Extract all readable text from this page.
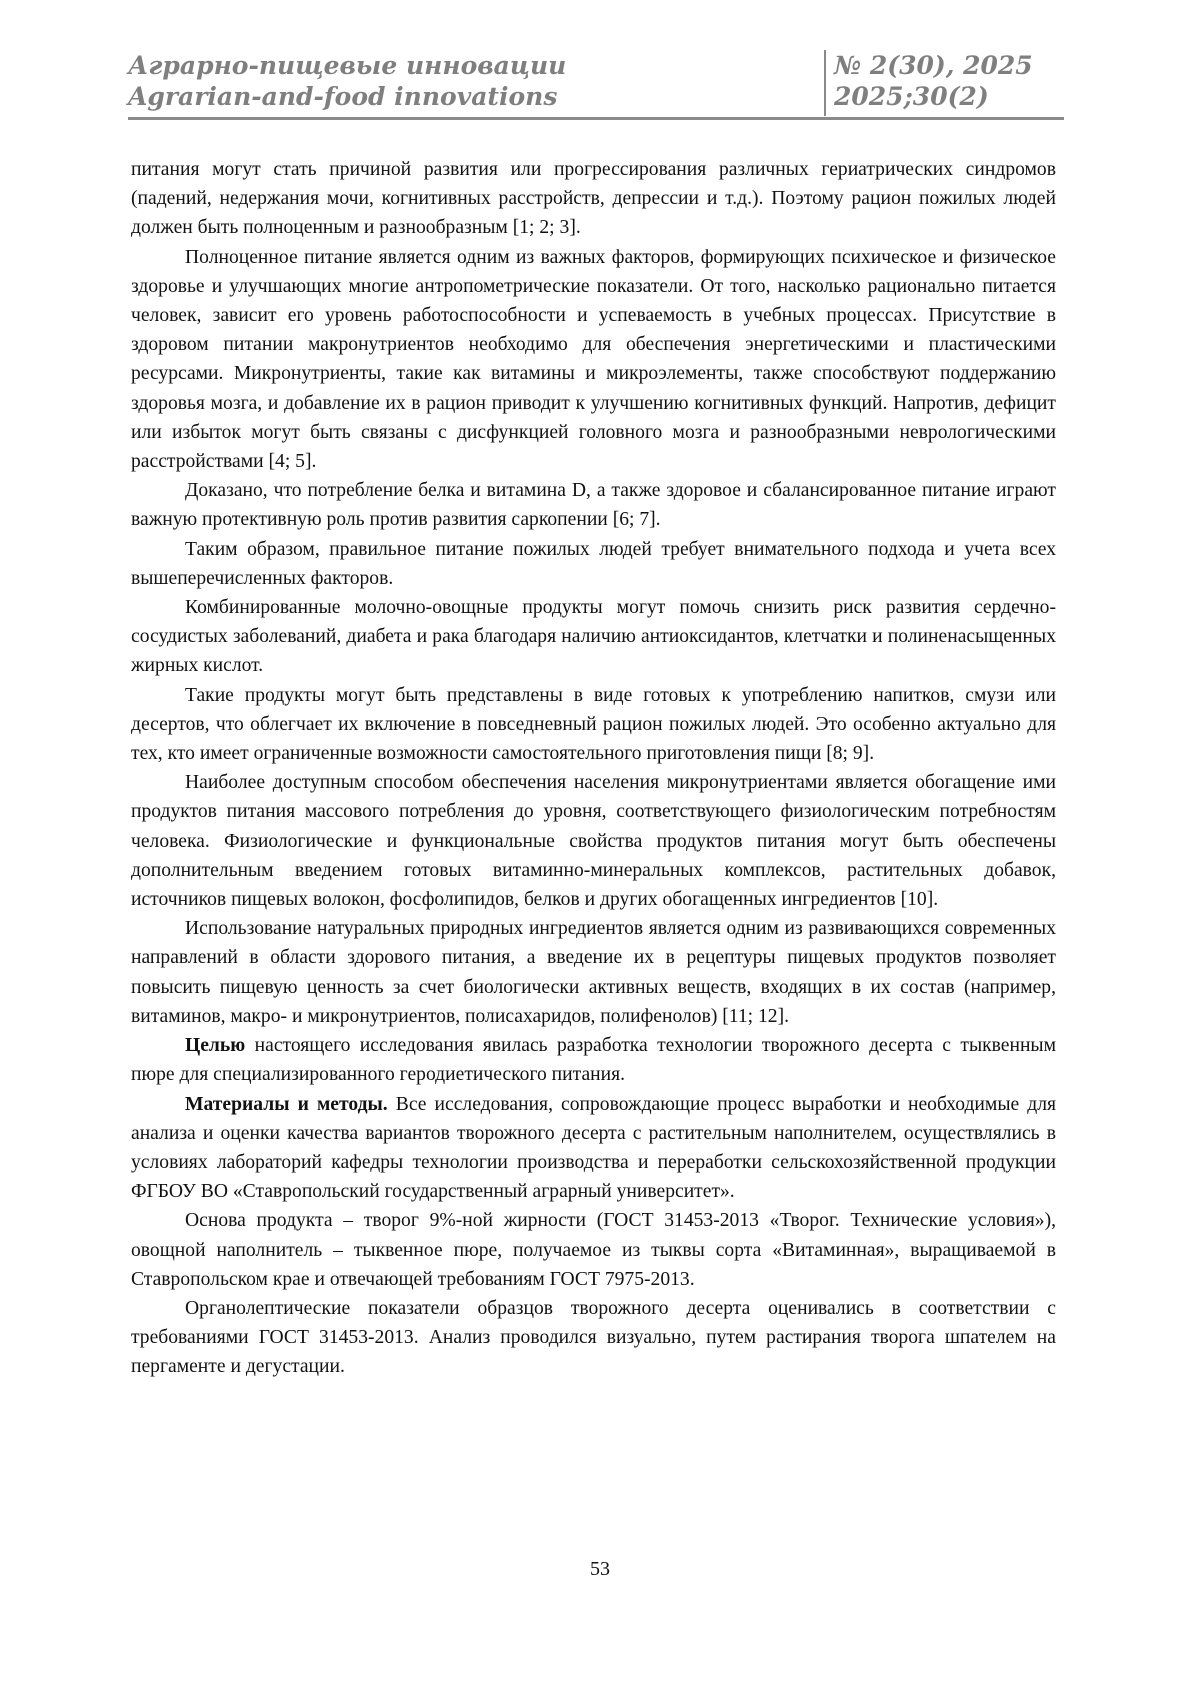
Аграрно-пищевые инновации
Agrarian-and-food innovations
№ 2(30), 2025
2025;30(2)

питания могут стать причиной развития или прогрессирования различных гериатрических синдромов (падений, недержания мочи, когнитивных расстройств, депрессии и т.д.). Поэтому рацион пожилых людей должен быть полноценным и разнообразным [1; 2; 3].

Полноценное питание является одним из важных факторов, формирующих психическое и физическое здоровье и улучшающих многие антропометрические показатели. От того, насколько рационально питается человек, зависит его уровень работоспособности и успеваемость в учебных процессах. Присутствие в здоровом питании макронутриентов необходимо для обеспечения энергетическими и пластическими ресурсами. Микронутриенты, такие как витамины и микроэлементы, также способствуют поддержанию здоровья мозга, и добавление их в рацион приводит к улучшению когнитивных функций. Напротив, дефицит или избыток могут быть связаны с дисфункцией головного мозга и разнообразными неврологическими расстройствами [4; 5].

Доказано, что потребление белка и витамина D, а также здоровое и сбалансированное питание играют важную протективную роль против развития саркопении [6; 7].

Таким образом, правильное питание пожилых людей требует внимательного подхода и учета всех вышеперечисленных факторов.

Комбинированные молочно-овощные продукты могут помочь снизить риск развития сердечно-сосудистых заболеваний, диабета и рака благодаря наличию антиоксидантов, клетчатки и полиненасыщенных жирных кислот.

Такие продукты могут быть представлены в виде готовых к употреблению напитков, смузи или десертов, что облегчает их включение в повседневный рацион пожилых людей. Это особенно актуально для тех, кто имеет ограниченные возможности самостоятельного приготовления пищи [8; 9].

Наиболее доступным способом обеспечения населения микронутриентами является обогащение ими продуктов питания массового потребления до уровня, соответствующего физиологическим потребностям человека. Физиологические и функциональные свойства продуктов питания могут быть обеспечены дополнительным введением готовых витаминно-минеральных комплексов, растительных добавок, источников пищевых волокон, фосфолипидов, белков и других обогащенных ингредиентов [10].

Использование натуральных природных ингредиентов является одним из развивающихся современных направлений в области здорового питания, а введение их в рецептуры пищевых продуктов позволяет повысить пищевую ценность за счет биологически активных веществ, входящих в их состав (например, витаминов, макро- и микронутриентов, полисахаридов, полифенолов) [11; 12].

Целью настоящего исследования явилась разработка технологии творожного десерта с тыквенным пюре для специализированного геродиетического питания.

Материалы и методы. Все исследования, сопровождающие процесс выработки и необходимые для анализа и оценки качества вариантов творожного десерта с растительным наполнителем, осуществлялись в условиях лабораторий кафедры технологии производства и переработки сельскохозяйственной продукции ФГБОУ ВО «Ставропольский государственный аграрный университет».

Основа продукта – творог 9%-ной жирности (ГОСТ 31453-2013 «Творог. Технические условия»), овощной наполнитель – тыквенное пюре, получаемое из тыквы сорта «Витаминная», выращиваемой в Ставропольском крае и отвечающей требованиям ГОСТ 7975-2013.

Органолептические показатели образцов творожного десерта оценивались в соответствии с требованиями ГОСТ 31453-2013. Анализ проводился визуально, путем растирания творога шпателем на пергаменте и дегустации.

53
